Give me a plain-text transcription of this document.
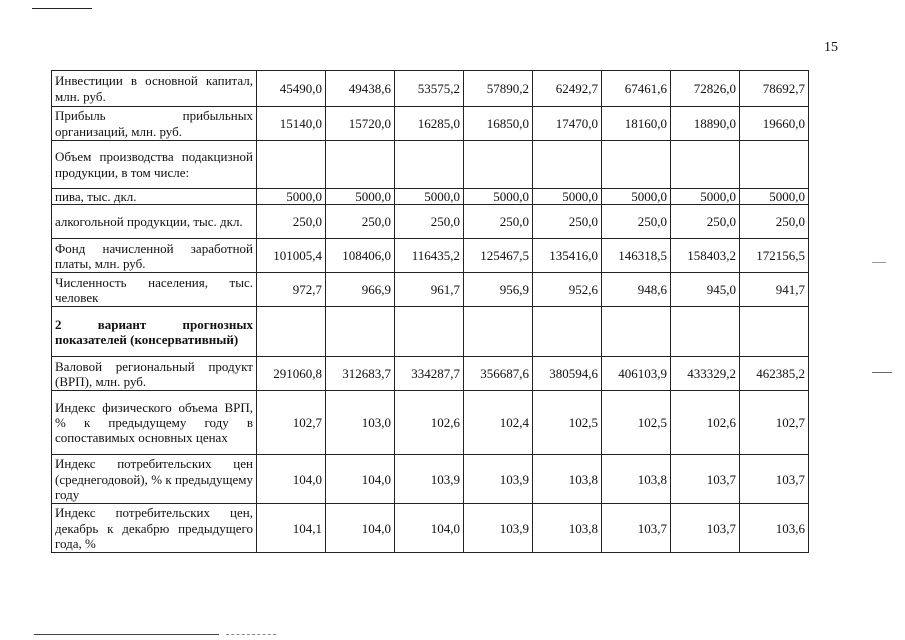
15
Инвестиции в основной капитал, млн. руб.	45490,0	49438,6	53575,2	57890,2	62492,7	67461,6	72826,0	78692,7
Прибыль прибыльных организаций, млн. руб.	15140,0	15720,0	16285,0	16850,0	17470,0	18160,0	18890,0	19660,0
Объем производства подакцизной продукции, в том числе:								
пива, тыс. дкл.	5000,0	5000,0	5000,0	5000,0	5000,0	5000,0	5000,0	5000,0
алкогольной продукции, тыс. дкл.	250,0	250,0	250,0	250,0	250,0	250,0	250,0	250,0
Фонд начисленной заработной платы, млн. руб.	101005,4	108406,0	116435,2	125467,5	135416,0	146318,5	158403,2	172156,5
Численность населения, тыс. человек	972,7	966,9	961,7	956,9	952,6	948,6	945,0	941,7
2 вариант прогнозных показателей (консервативный)								
Валовой региональный продукт (ВРП), млн. руб.	291060,8	312683,7	334287,7	356687,6	380594,6	406103,9	433329,2	462385,2
Индекс физического объема ВРП, % к предыдущему году в сопоставимых основных ценах	102,7	103,0	102,6	102,4	102,5	102,5	102,6	102,7
Индекс потребительских цен (среднегодовой), % к предыдущему году	104,0	104,0	103,9	103,9	103,8	103,8	103,7	103,7
Индекс потребительских цен, декабрь к декабрю предыдущего года, %	104,1	104,0	104,0	103,9	103,8	103,7	103,7	103,6
